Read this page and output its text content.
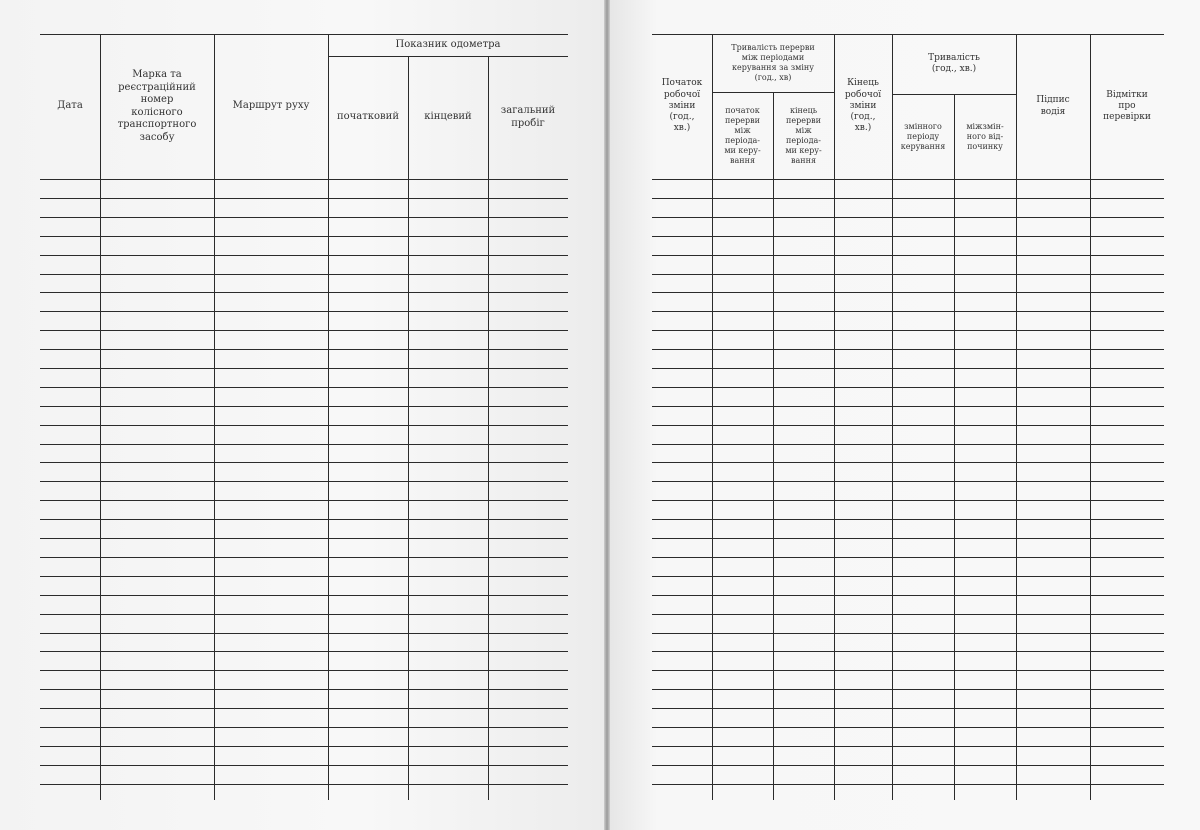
Дата
Марка та
реєстраційний
номер
колісного
транспортного
засобу
Маршрут руху
Показник одометра
початковий	кінцевий
загальний
пробіг
Початок
робочої
зміни
(год.,
хв.)
Тривалість перерви
між періодами
керування за зміну
(год., хв)
початок
перерви
між
періода-
ми керу-
вання
кінець
перерви
між
періода-
ми керу-
вання
Кінець
робочої
зміни
(год.,
хв.)
Тривалість
(год., хв.)
змінного
періоду
керування
міжзмін-
ного від-
починку
Підпис
водія
Відмітки
про
перевірки
